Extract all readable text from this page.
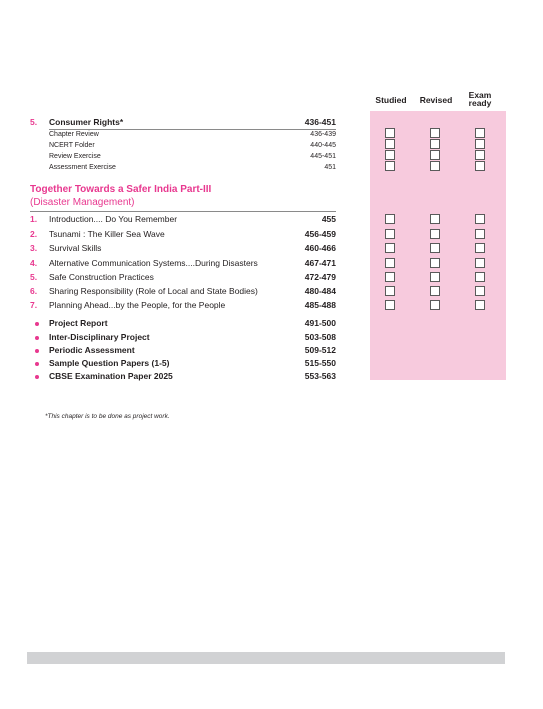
Studied	Revised	Exam
ready
5. Consumer Rights*	436-451
Chapter Review	436-439
NCERT Folder	440-445
Review Exercise	445-451
Assessment Exercise	451
Together Towards a Safer India Part-III
(Disaster Management)
1. Introduction.... Do You Remember	455
2. Tsunami : The Killer Sea Wave	456-459
3. Survival Skills	460-466
4. Alternative Communication Systems....During Disasters	467-471
5. Safe Construction Practices	472-479
6. Sharing Responsibility (Role of Local and State Bodies)	480-484
7. Planning Ahead...by the People, for the People	485-488
Project Report	491-500
Inter-Disciplinary Project	503-508
Periodic Assessment	509-512
Sample Question Papers (1-5)	515-550
CBSE Examination Paper 2025	553-563
*This chapter is to be done as project work.
